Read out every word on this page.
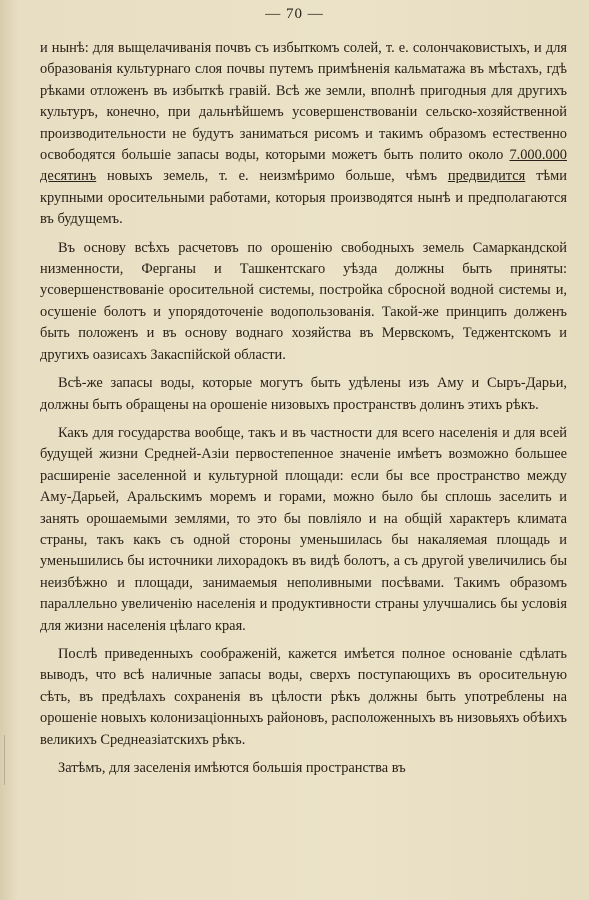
— 70 —

и нынѣ: для выщелачиванія почвъ съ избыткомъ солей, т. е. солончаковистыхъ, и для образованія культурнаго слоя почвы путемъ примѣненія кальматажа въ мѣстахъ, гдѣ рѣками отложенъ въ избыткѣ гравій. Всѣ же земли, вполнѣ пригодныя для другихъ культуръ, конечно, при дальнѣйшемъ усовершенствованіи сельско-хозяйственной производительности не будутъ заниматься рисомъ и такимъ образомъ естественно освободятся большіе запасы воды, которыми можетъ быть полито около 7.000.000 десятинъ новыхъ земель, т. е. неизмѣримо больше, чѣмъ предвидится тѣми крупными оросительными работами, которыя производятся нынѣ и предполагаются въ будущемъ.

Въ основу всѣхъ расчетовъ по орошенію свободныхъ земель Самаркандской низменности, Ферганы и Ташкентскаго уѣзда должны быть приняты: усовершенствованіе оросительной системы, постройка сбросной водной системы и, осушеніе болотъ и упорядоточеніе водопользованія. Такой-же принципъ долженъ быть положенъ и въ основу воднаго хозяйства въ Мервскомъ, Теджентскомъ и другихъ оазисахъ Закаспійской области.

Всѣ-же запасы воды, которые могутъ быть удѣлены изъ Аму и Сыръ-Дарьи, должны быть обращены на орошеніе низовыхъ пространствъ долинъ этихъ рѣкъ.

Какъ для государства вообще, такъ и въ частности для всего населенія и для всей будущей жизни Средней-Азіи первостепенное значеніе имѣетъ возможно большее расширеніе заселенной и культурной площади: если бы все пространство между Аму-Дарьей, Аральскимъ моремъ и горами, можно было бы сплошь заселить и занять орошаемыми землями, то это бы повліяло и на общій характеръ климата страны, такъ какъ съ одной стороны уменьшилась бы накаляемая площадь и уменьшились бы источники лихорадокъ въ видѣ болотъ, а съ другой увеличились бы неизбѣжно и площади, занимаемыя неполивными посѣвами. Такимъ образомъ параллельно увеличенію населенія и продуктивности страны улучшались бы условія для жизни населенія цѣлаго края.

Послѣ приведенныхъ соображеній, кажется имѣется полное основаніе сдѣлать выводъ, что всѣ наличные запасы воды, сверхъ поступающихъ въ оросительную сѣть, въ предѣлахъ сохраненія въ цѣлости рѣкъ должны быть употреблены на орошеніе новыхъ колонизаціонныхъ районовъ, расположенныхъ въ низовьяхъ обѣихъ великихъ Среднеазіатскихъ рѣкъ.

Затѣмъ, для заселенія имѣются большія пространства въ
